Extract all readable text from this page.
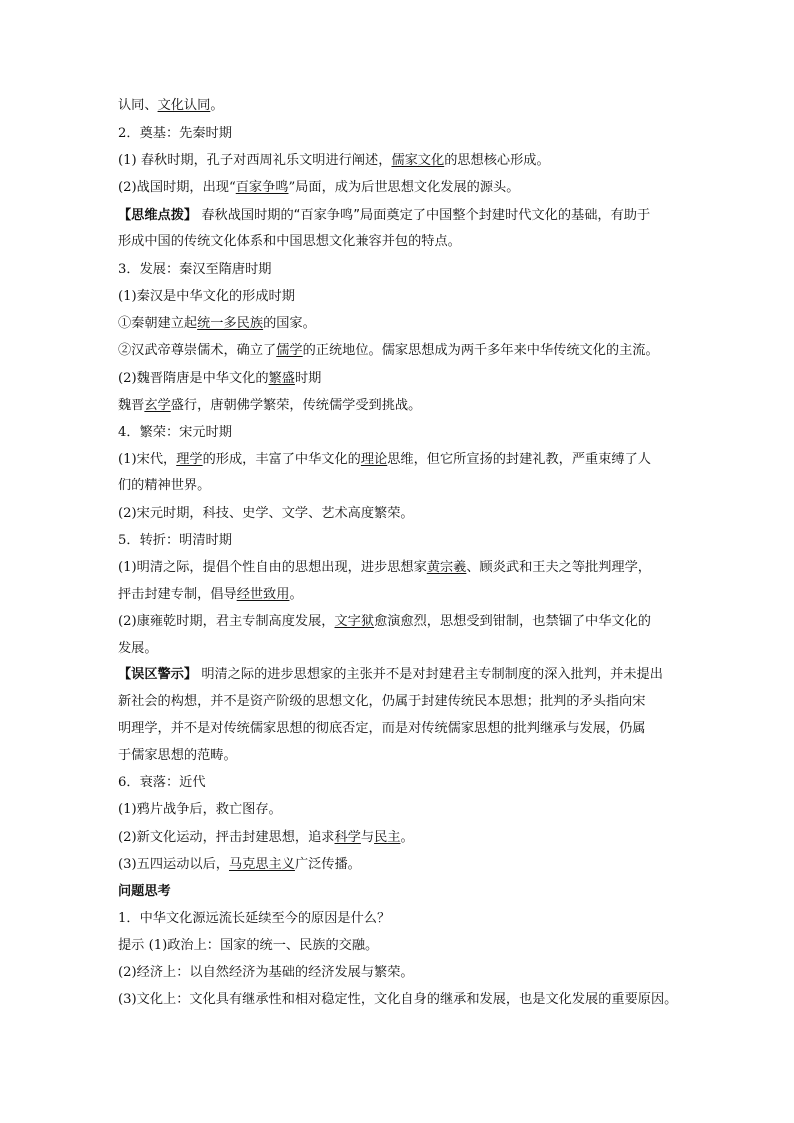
认同、文化认同。
2．奠基：先秦时期
(1) 春秋时期，孔子对西周礼乐文明进行阐述，儒家文化的思想核心形成。
(2)战国时期，出现“百家争鸣”局面，成为后世思想文化发展的源头。
【思维点拨】 春秋战国时期的“百家争鸣”局面奠定了中国整个封建时代文化的基础，有助于
形成中国的传统文化体系和中国思想文化兼容并包的特点。
3．发展：秦汉至隋唐时期
(1)秦汉是中华文化的形成时期
①秦朝建立起统一多民族的国家。
②汉武帝尊崇儒术，确立了儒学的正统地位。儒家思想成为两千多年来中华传统文化的主流。
(2)魏晋隋唐是中华文化的繁盛时期
魏晋玄学盛行，唐朝佛学繁荣，传统儒学受到挑战。
4．繁荣：宋元时期
(1)宋代，理学的形成，丰富了中华文化的理论思维，但它所宣扬的封建礼教，严重束缚了人
们的精神世界。
(2)宋元时期，科技、史学、文学、艺术高度繁荣。
5．转折：明清时期
(1)明清之际，提倡个性自由的思想出现，进步思想家黄宗羲、顾炎武和王夫之等批判理学，
抨击封建专制，倡导经世致用。
(2)康雍乾时期，君主专制高度发展，文字狱愈演愈烈，思想受到钳制，也禁锢了中华文化的
发展。
【误区警示】 明清之际的进步思想家的主张并不是对封建君主专制制度的深入批判，并未提出
新社会的构想，并不是资产阶级的思想文化，仍属于封建传统民本思想；批判的矛头指向宋
明理学，并不是对传统儒家思想的彻底否定，而是对传统儒家思想的批判继承与发展，仍属
于儒家思想的范畴。
6．衰落：近代
(1)鸦片战争后，救亡图存。
(2)新文化运动，抨击封建思想，追求科学与民主。
(3)五四运动以后，马克思主义广泛传播。
问题思考
1．中华文化源远流长延续至今的原因是什么？
提示 (1)政治上：国家的统一、民族的交融。
(2)经济上：以自然经济为基础的经济发展与繁荣。
(3)文化上：文化具有继承性和相对稳定性，文化自身的继承和发展，也是文化发展的重要原因。
